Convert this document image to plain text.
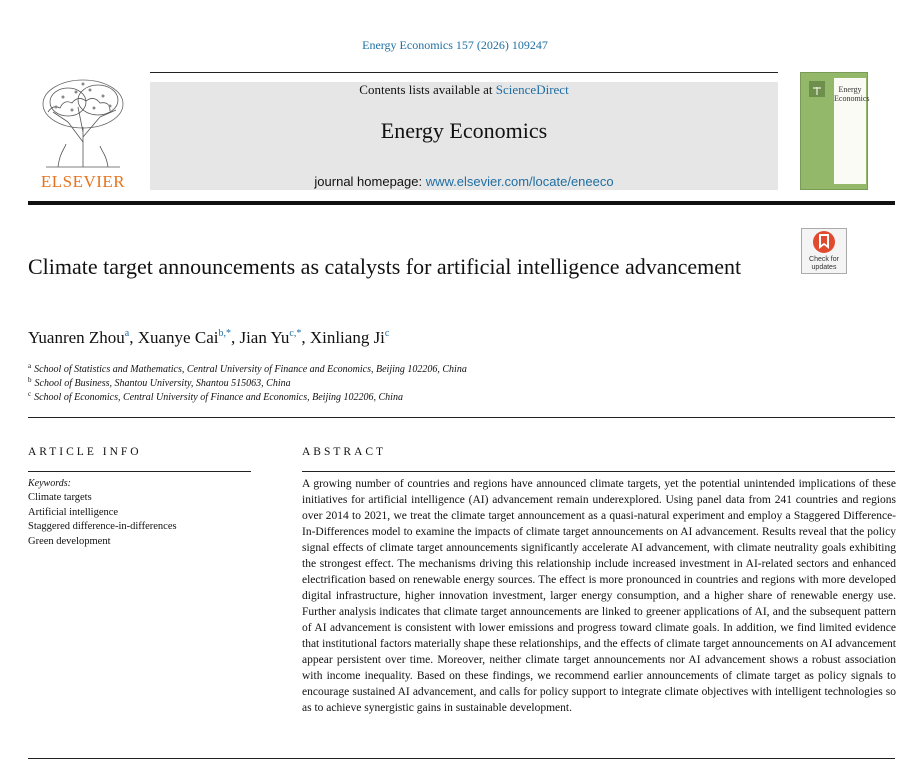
Energy Economics 157 (2026) 109247
ELSEVIER
Contents lists available at ScienceDirect
Energy Economics
journal homepage: www.elsevier.com/locate/eneeco
Energy Economics
Check for updates
Climate target announcements as catalysts for artificial intelligence advancement
Yuanren Zhou$^a$, Xuanye Cai$^{b,*}$, Jian $Yu^{c,*}$, Xinliang Ji$^c$
$^a$ School of Statistics and Mathematics, Central University of Finance and Economics, Beijing 102206, China
$^b$ School of Business, Shantou University, Shantou 515063, China
$^c$ School of Economics, Central University of Finance and Economics, Beijing 102206, China
ARTICLE INFO
Keywords:
Climate targets
Artificial intelligence
Staggered difference-in-differences
Green development
ABSTRACT

A growing number of countries and regions have announced climate targets, yet the potential unintended implications of these initiatives for artificial intelligence (AI) advancement remain underexplored. Using panel data from 241 countries and regions over 2014 to 2021, we treat the climate target announcement as a quasi-natural experiment and employ a Staggered Difference-In-Differences model to examine the impacts of climate target announcements on AI advancement. Results reveal that the policy signal effects of climate target announcements significantly accelerate AI advancement, with climate neutrality goals exhibiting the strongest effect. The mechanisms driving this relationship include increased investment in AI-related sectors and enhanced electrification based on renewable energy sources. The effect is more pronounced in countries and regions with more developed digital infrastructure, higher innovation investment, larger energy consumption, and a higher share of renewable energy use. Further analysis indicates that climate target announcements are linked to greener applications of AI, and the subsequent pattern of AI advancement is consistent with lower emissions and progress toward climate goals. In addition, we find limited evidence that institutional factors materially shape these relationships, and the effects of climate target announcements on AI advancement appear persistent over time. Moreover, neither climate target announcements nor AI advancement shows a robust association with income inequality. Based on these findings, we recommend earlier announcements of climate target as policy signals to encourage sustained AI advancement, and calls for policy support to integrate climate objectives with intelligent technologies so as to achieve synergistic gains in sustainable development.
